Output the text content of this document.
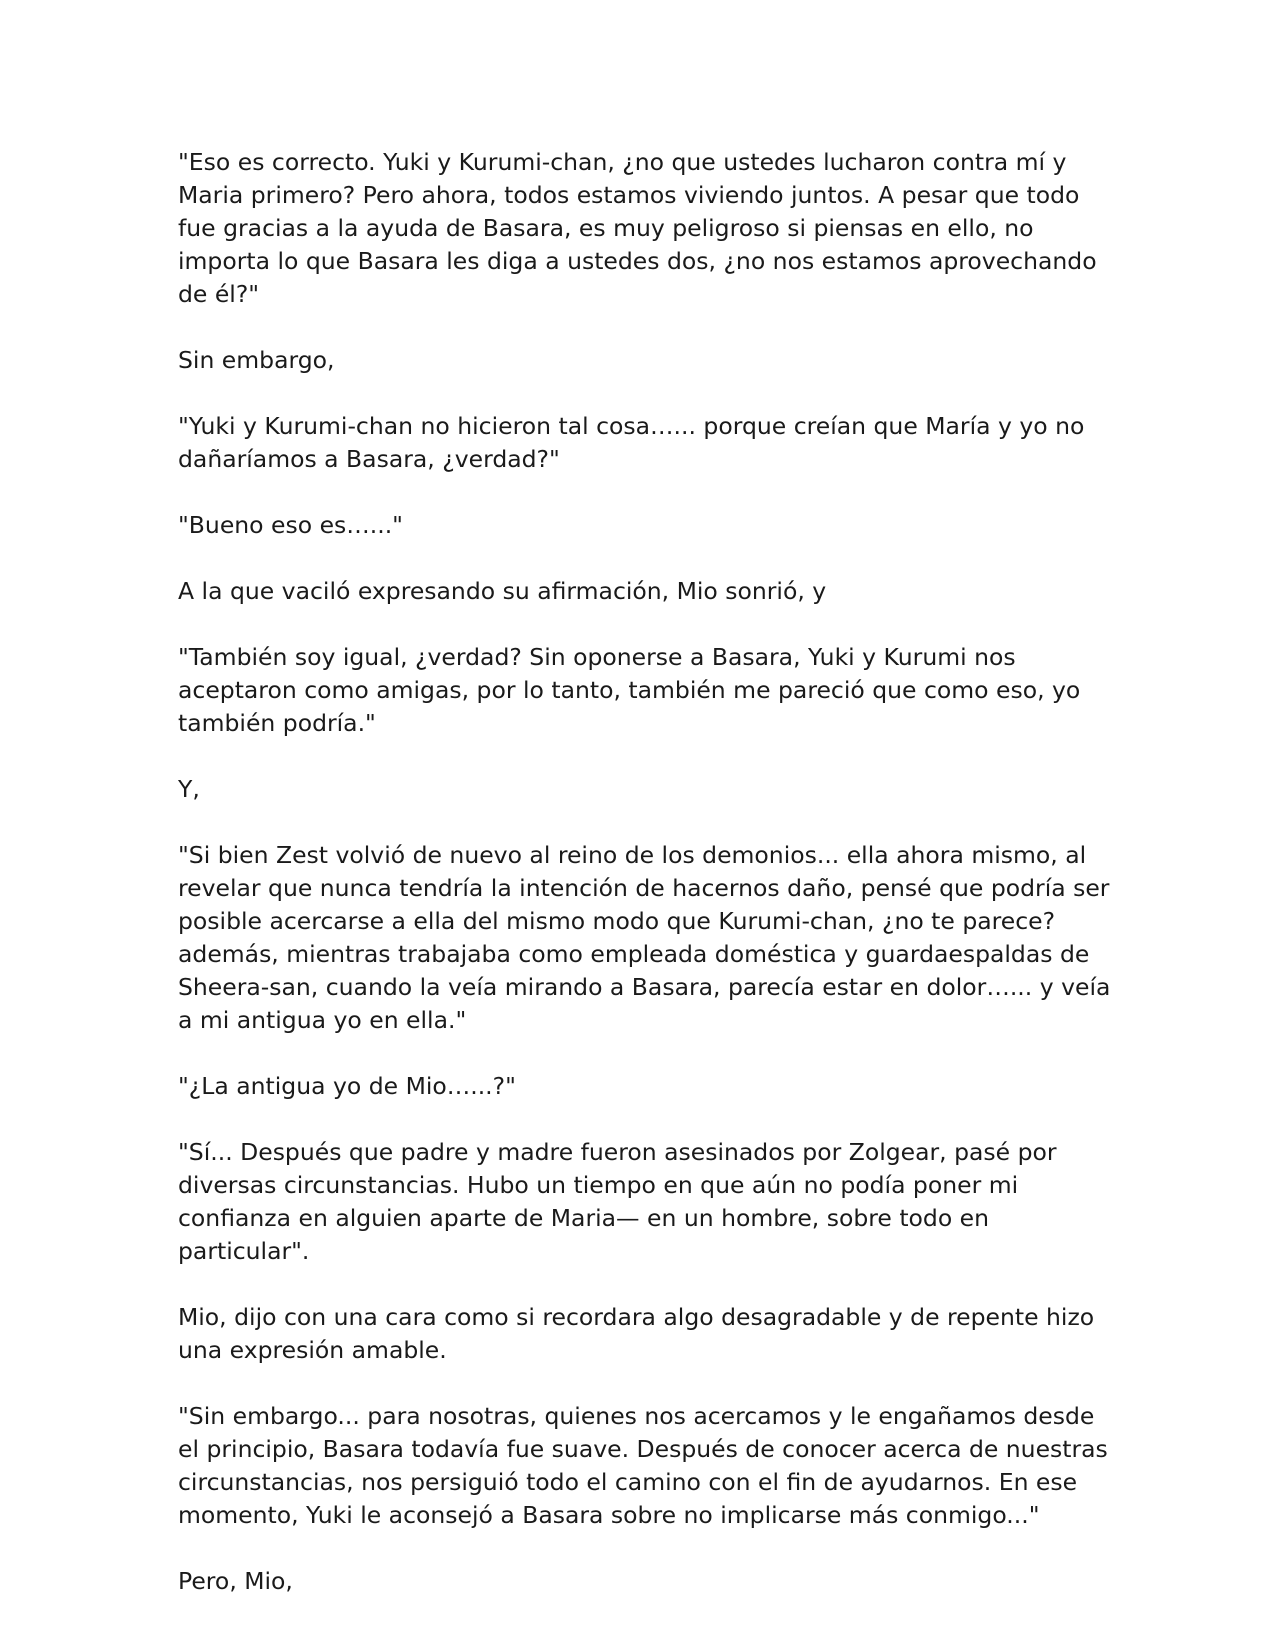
"Eso es correcto. Yuki y Kurumi-chan, ¿no que ustedes lucharon contra mí y Maria primero? Pero ahora, todos estamos viviendo juntos. A pesar que todo fue gracias a la ayuda de Basara, es muy peligroso si piensas en ello, no importa lo que Basara les diga a ustedes dos, ¿no nos estamos aprovechando de él?"

Sin embargo,

"Yuki y Kurumi-chan no hicieron tal cosa…... porque creían que María y yo no dañaríamos a Basara, ¿verdad?"

"Bueno eso es…..."

A la que vaciló expresando su afirmación, Mio sonrió, y

"También soy igual, ¿verdad? Sin oponerse a Basara, Yuki y Kurumi nos aceptaron como amigas, por lo tanto, también me pareció que como eso, yo también podría."

Y,

"Si bien Zest volvió de nuevo al reino de los demonios... ella ahora mismo, al revelar que nunca tendría la intención de hacernos daño, pensé que podría ser posible acercarse a ella del mismo modo que Kurumi-chan, ¿no te parece? además, mientras trabajaba como empleada doméstica y guardaespaldas de Sheera-san, cuando la veía mirando a Basara, parecía estar en dolor…... y veía a mi antigua yo en ella."

"¿La antigua yo de Mio…...?"

"Sí... Después que padre y madre fueron asesinados por Zolgear, pasé por diversas circunstancias. Hubo un tiempo en que aún no podía poner mi confianza en alguien aparte de Maria— en un hombre, sobre todo en particular".

Mio, dijo con una cara como si recordara algo desagradable y de repente hizo una expresión amable.

"Sin embargo... para nosotras, quienes nos acercamos y le engañamos desde el principio, Basara todavía fue suave. Después de conocer acerca de nuestras circunstancias, nos persiguió todo el camino con el fin de ayudarnos. En ese momento, Yuki le aconsejó a Basara sobre no implicarse más conmigo..."

Pero, Mio,
